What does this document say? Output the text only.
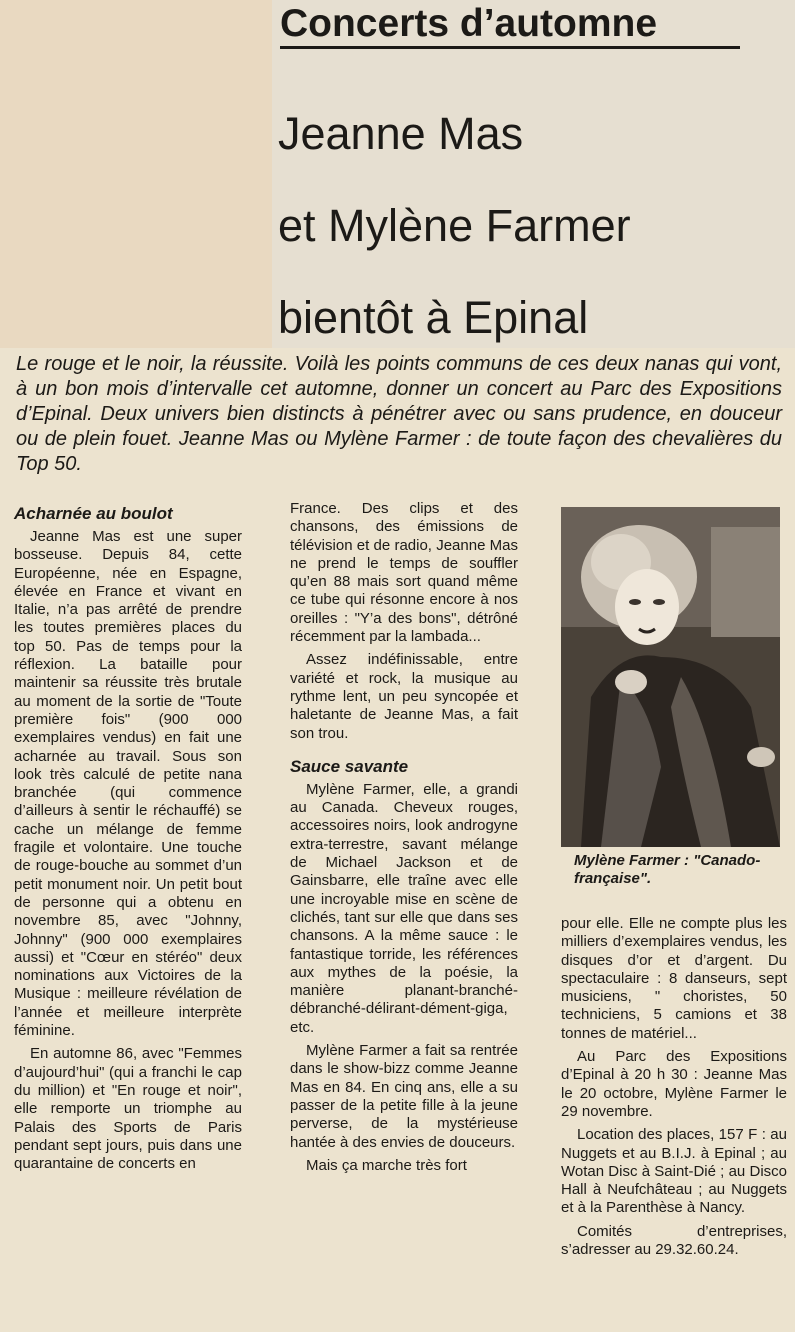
Concerts d’automne
Jeanne Mas
et Mylène Farmer
bientôt à Epinal
Le rouge et le noir, la réussite. Voilà les points communs de ces deux nanas qui vont, à un bon mois d’intervalle cet automne, donner un concert au Parc des Expositions d’Epinal. Deux univers bien distincts à pénétrer avec ou sans prudence, en douceur ou de plein fouet. Jeanne Mas ou Mylène Farmer : de toute façon des chevalières du Top 50.
Acharnée au boulot

Jeanne Mas est une super bosseuse. Depuis 84, cette Européenne, née en Espagne, élevée en France et vivant en Italie, n’a pas arrêté de prendre les toutes premières places du top 50. Pas de temps pour la réflexion. La bataille pour maintenir sa réussite très brutale au moment de la sortie de "Toute première fois" (900 000 exemplaires vendus) en fait une acharnée au travail. Sous son look très calculé de petite nana branchée (qui commence d’ailleurs à sentir le réchauffé) se cache un mélange de femme fragile et volontaire. Une touche de rouge-bouche au sommet d’un petit monument noir. Un petit bout de personne qui a obtenu en novembre 85, avec "Johnny, Johnny" (900 000 exemplaires aussi) et "Cœur en stéréo" deux nominations aux Victoires de la Musique : meilleure révélation de l’année et meilleure interprète féminine.

En automne 86, avec "Femmes d’aujourd’hui" (qui a franchi le cap du million) et "En rouge et noir", elle remporte un triomphe au Palais des Sports de Paris pendant sept jours, puis dans une quarantaine de concerts en

France. Des clips et des chansons, des émissions de télévision et de radio, Jeanne Mas ne prend le temps de souffler qu’en 88 mais sort quand même ce tube qui résonne encore à nos oreilles : "Y’a des bons", détrôné récemment par la lambada...

Assez indéfinissable, entre variété et rock, la musique au rythme lent, un peu syncopée et haletante de Jeanne Mas, a fait son trou.

Sauce savante

Mylène Farmer, elle, a grandi au Canada. Cheveux rouges, accessoires noirs, look androgyne extra-terrestre, savant mélange de Michael Jackson et de Gainsbarre, elle traîne avec elle une incroyable mise en scène de clichés, tant sur elle que dans ses chansons. A la même sauce : le fantastique torride, les références aux mythes de la poésie, la manière planant-branché-débranché-délirant-dément-giga, etc.

Mylène Farmer a fait sa rentrée dans le show-bizz comme Jeanne Mas en 84. En cinq ans, elle a su passer de la petite fille à la jeune perverse, de la mystérieuse hantée à des envies de douceurs.

Mais ça marche très fort

Mylène Farmer : "Canado-française".

pour elle. Elle ne compte plus les milliers d’exemplaires vendus, les disques d’or et d’argent. Du spectaculaire : 8 danseurs, sept musiciens, " choristes, 50 techniciens, 5 camions et 38 tonnes de matériel...

Au Parc des Expositions d’Epinal à 20 h 30 : Jeanne Mas le 20 octobre, Mylène Farmer le 29 novembre.

Location des places, 157 F : au Nuggets et au B.I.J. à Epinal ; au Wotan Disc à Saint-Dié ; au Disco Hall à Neufchâteau ; au Nuggets et à la Parenthèse à Nancy.

Comités d’entreprises, s’adresser au 29.32.60.24.
